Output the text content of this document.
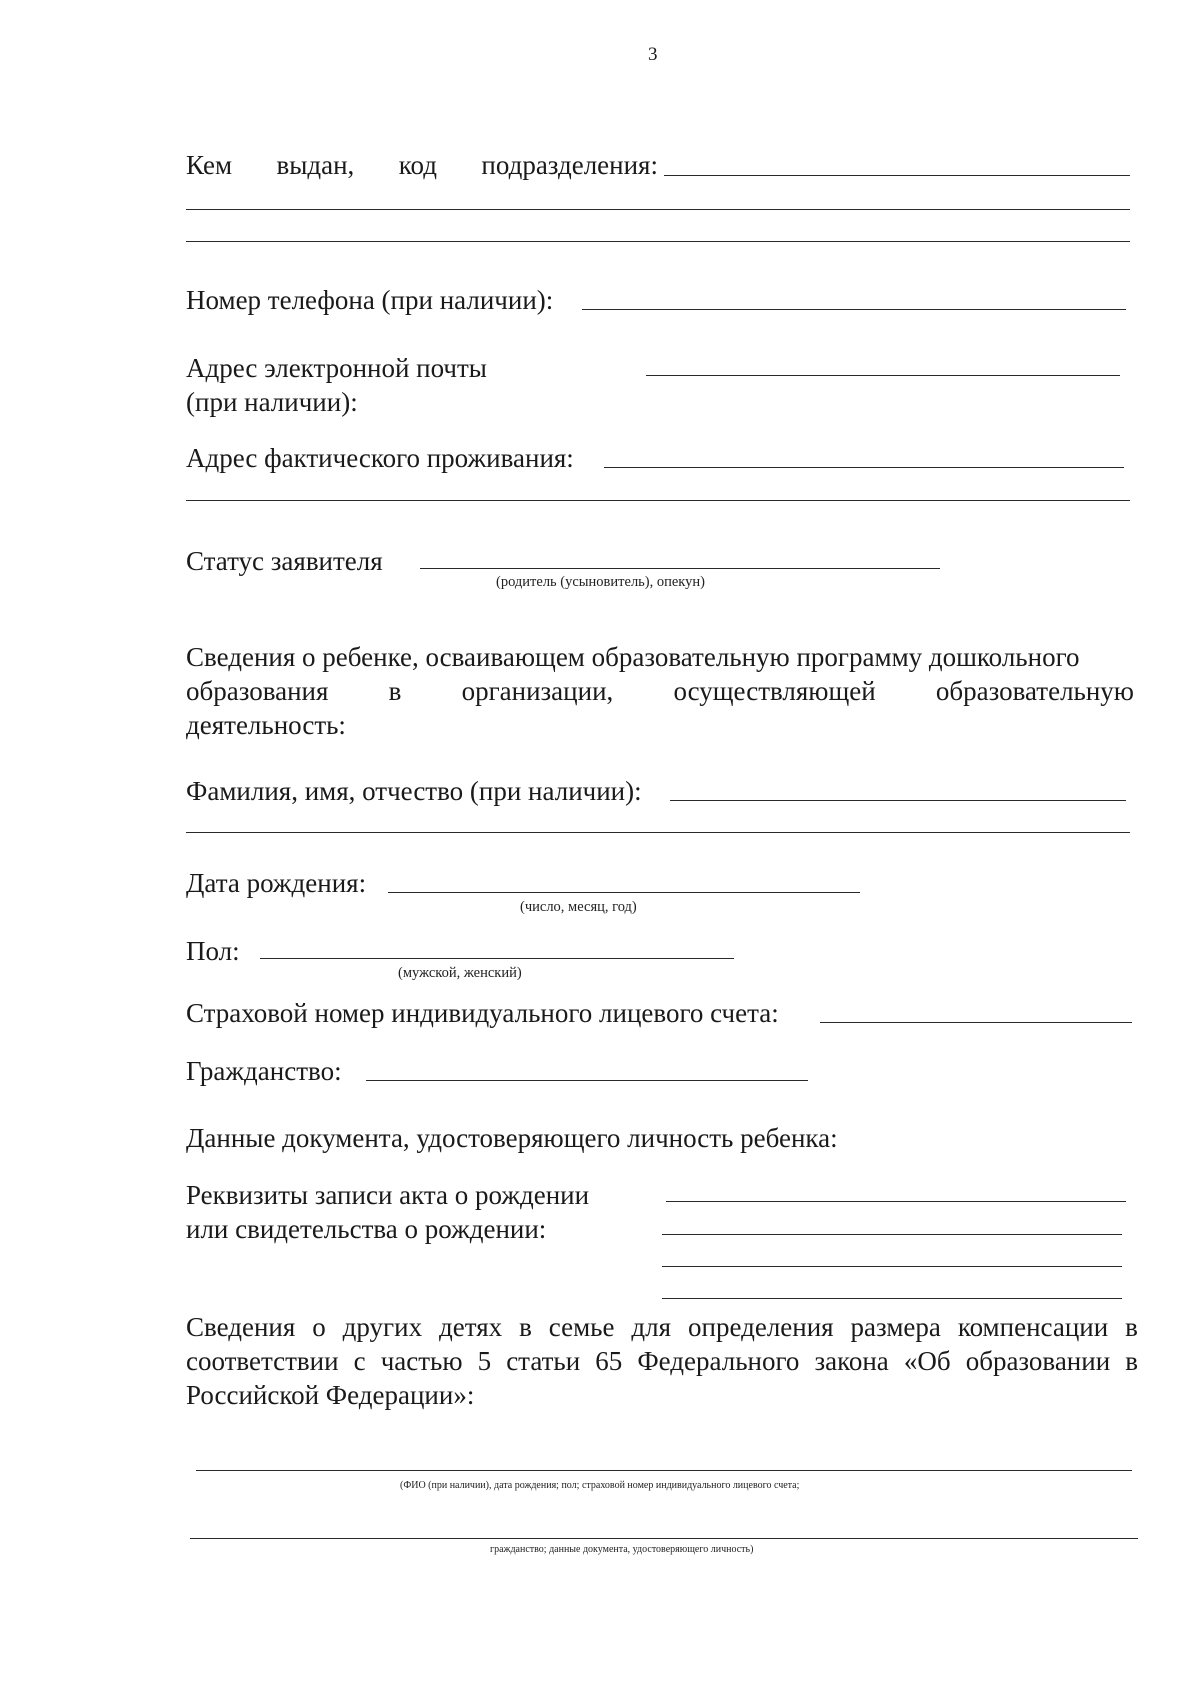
3
Кем выдан, код подразделения:
Номер телефона (при наличии):
Адрес электронной почты
(при наличии):
Адрес фактического проживания:
Статус заявителя
(родитель (усыновитель), опекун)
Сведения о ребенке, осваивающем образовательную программу дошкольного
образования в организации, осуществляющей образовательную
деятельность:
Фамилия, имя, отчество (при наличии):
Дата рождения:
(число, месяц, год)
Пол:
(мужской, женский)
Страховой номер индивидуального лицевого счета:
Гражданство:
Данные документа, удостоверяющего личность ребенка:
Реквизиты записи акта о рождении
или свидетельства о рождении:
Сведения о других детях в семье для определения размера компенсации в
соответствии с частью 5 статьи 65 Федерального закона «Об образовании в
Российской Федерации»:
(ФИО (при наличии), дата рождения; пол; страховой номер индивидуального лицевого счета;
гражданство; данные документа, удостоверяющего личность)
